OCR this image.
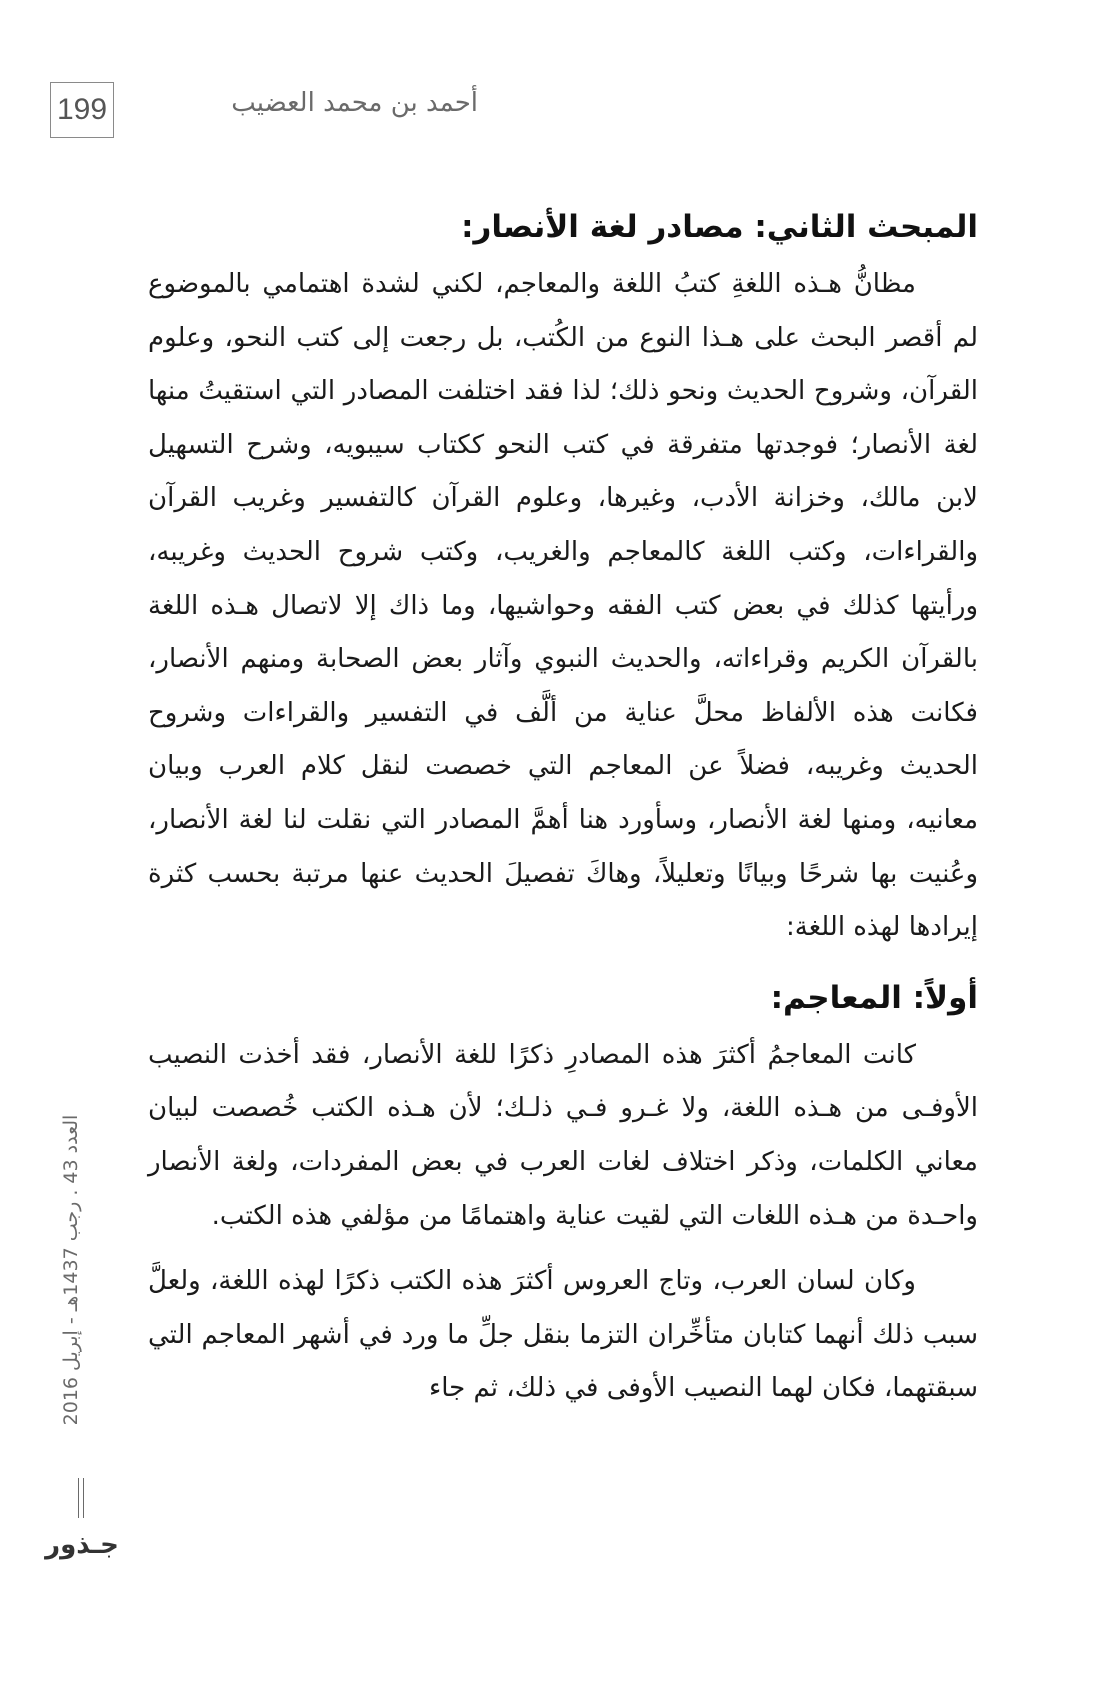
199	أحمد بن محمد العضيب
المبحث الثاني: مصادر لغة الأنصار:

مظانُّ هـذه اللغةِ كتبُ اللغة والمعاجم، لكني لشدة اهتمامي بالموضوع لم أقصر البحث على هـذا النوع من الكُتب، بل رجعت إلى كتب النحو، وعلوم القرآن، وشروح الحديث ونحو ذلك؛ لذا فقد اختلفت المصادر التي استقيتُ منها لغة الأنصار؛ فوجدتها متفرقة في كتب النحو ككتاب سيبويه، وشرح التسهيل لابن مالك، وخزانة الأدب، وغيرها، وعلوم القرآن كالتفسير وغريب القرآن والقراءات، وكتب اللغة كالمعاجم والغريب، وكتب شروح الحديث وغريبه، ورأيتها كذلك في بعض كتب الفقه وحواشيها، وما ذاك إلا لاتصال هـذه اللغة بالقرآن الكريم وقراءاته، والحديث النبوي وآثار بعض الصحابة ومنهم الأنصار، فكانت هذه الألفاظ محلَّ عناية من ألَّف في التفسير والقراءات وشروح الحديث وغريبه، فضلاً عن المعاجم التي خصصت لنقل كلام العرب وبيان معانيه، ومنها لغة الأنصار، وسأورد هنا أهمَّ المصادر التي نقلت لنا لغة الأنصار، وعُنيت بها شرحًا وبيانًا وتعليلاً، وهاكَ تفصيلَ الحديث عنها مرتبة بحسب كثرة إيرادها لهذه اللغة:

أولاً: المعاجم:

كانت المعاجمُ أكثرَ هذه المصادرِ ذكرًا للغة الأنصار، فقد أخذت النصيب الأوفـى من هـذه اللغة، ولا غـرو فـي ذلـك؛ لأن هـذه الكتب خُصصت لبيان معاني الكلمات، وذكر اختلاف لغات العرب في بعض المفردات، ولغة الأنصار واحـدة من هـذه اللغات التي لقيت عناية واهتمامًا من مؤلفي هذه الكتب.

وكان لسان العرب، وتاج العروس أكثرَ هذه الكتب ذكرًا لهذه اللغة، ولعلَّ سبب ذلك أنهما كتابان متأخِّران التزما بنقل جلِّ ما ورد في أشهر المعاجم التي سبقتهما، فكان لهما النصيب الأوفى في ذلك، ثم جاء

العدد 43 . رجب 1437هـ - إبريل 2016
جـذور
